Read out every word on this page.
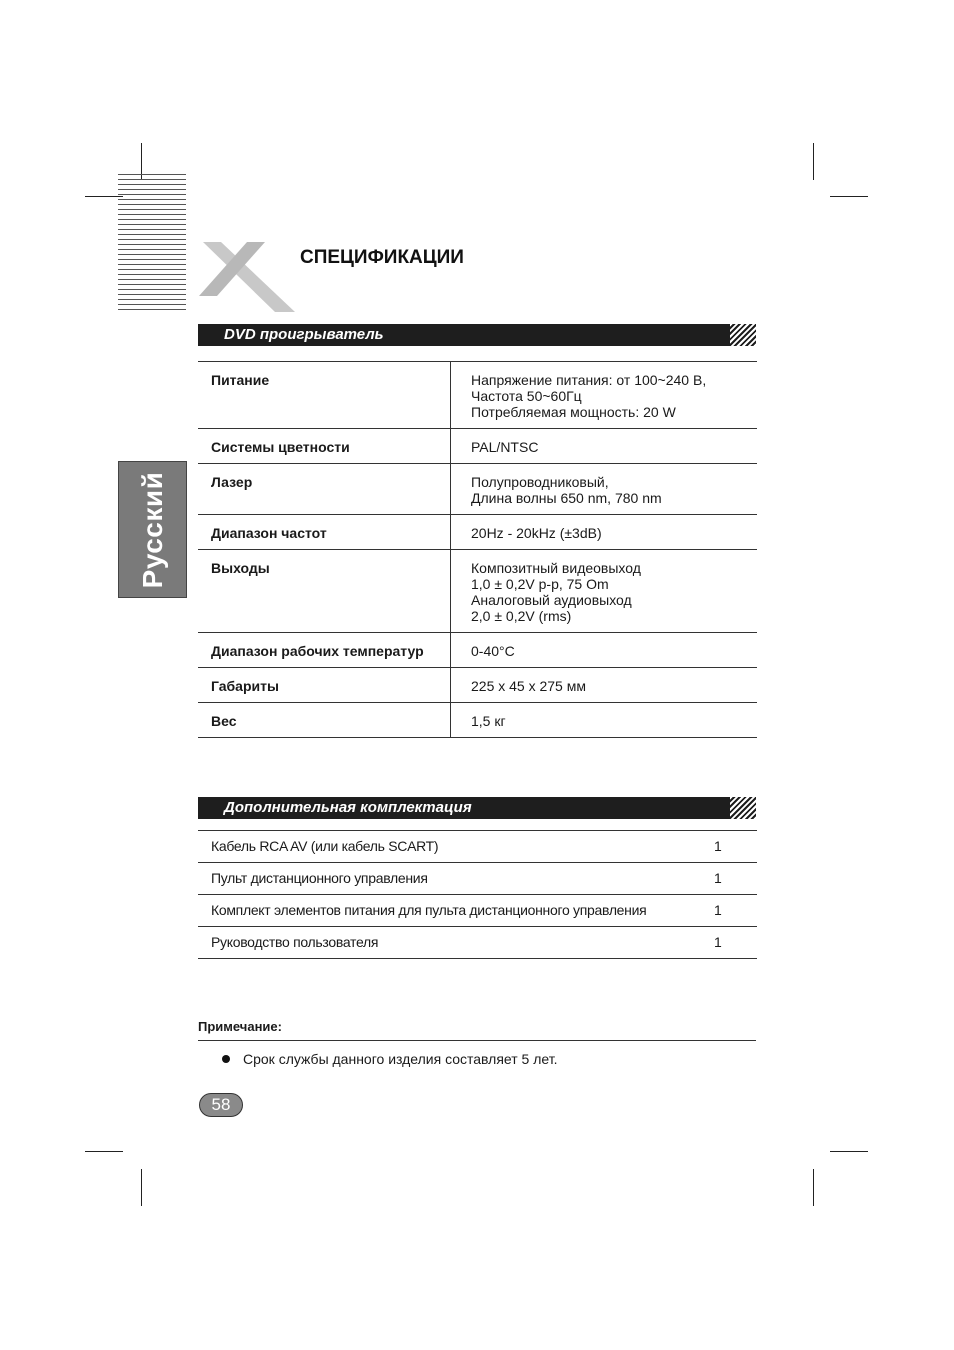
СПЕЦИФИКАЦИИ
Русский
DVD проигрыватель
Питание	Напряжение питания: от 100~240 В,
Частота 50~60Гц
Потребляемая мощность: 20 W

Системы цветности	PAL/NTSC

Лазер	Полупроводниковый,
Длина волны 650 nm, 780 nm

Диапазон частот	20Hz - 20kHz (±3dB)

Выходы	Композитный видеовыход
1,0 ± 0,2V p-p, 75 Om
Аналоговый аудиовыход
2,0 ± 0,2V (rms)

Диапазон рабочих температур	0-40°C

Габариты	225 x 45 x 275 мм

Вес	1,5 кг
Дополнительная комплектация
Кабель RCA AV (или кабель SCART)	1
Пульт дистанционного управления	1
Комплект элементов питания для пульта дистанционного управления	1
Руководство пользователя	1
Примечание:
Срок службы данного изделия составляет 5 лет.
58
